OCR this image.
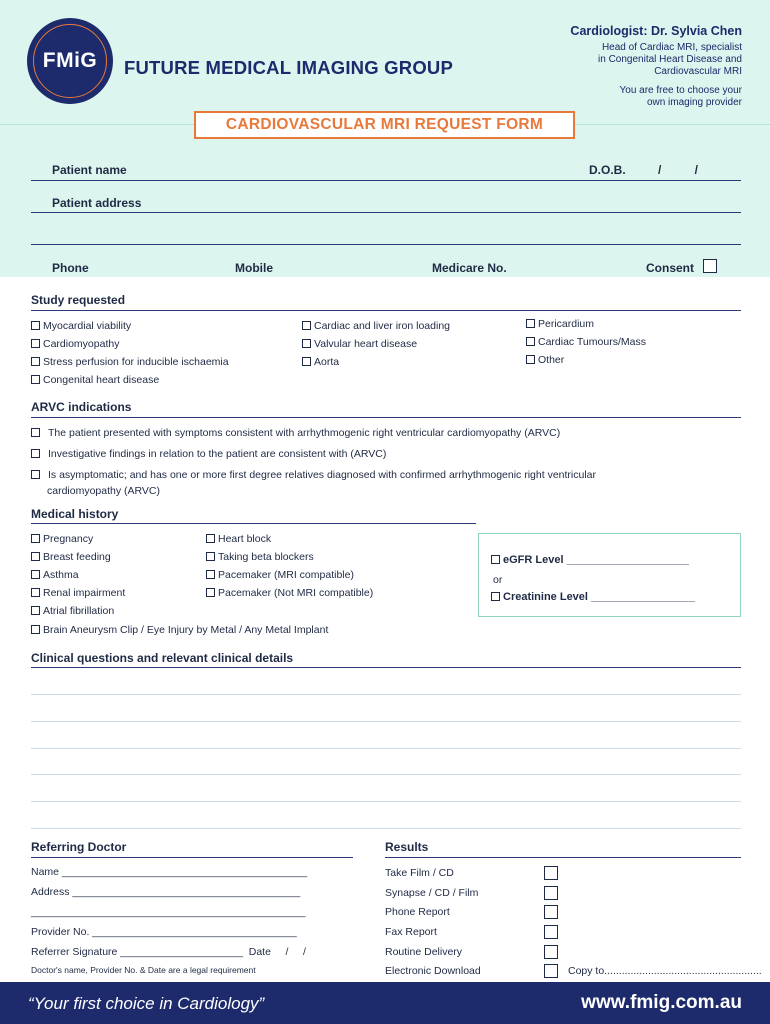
FMiG FUTURE MEDICAL IMAGING GROUP
Cardiologist: Dr. Sylvia Chen
Head of Cardiac MRI, specialist
in Congenital Heart Disease and
Cardiovascular MRI
You are free to choose your
own imaging provider
Patient name	D.O.B.	/          /
Patient address
Phone	Mobile	Medicare No.	Consent
CARDIOVASCULAR MRI REQUEST FORM
Study requested
Myocardial viability
Cardiomyopathy
Stress perfusion for inducible ischaemia
Congenital heart disease
Cardiac and liver iron loading
Valvular heart disease
Aorta
Pericardium
Cardiac Tumours/Mass
Other
ARVC indications
The patient presented with symptoms consistent with arrhythmogenic right ventricular cardiomyopathy (ARVC)
Investigative findings in relation to the patient are consistent with (ARVC)
Is asymptomatic; and has one or more first degree relatives diagnosed with confirmed arrhythmogenic right ventricular
cardiomyopathy (ARVC)
Medical history
Pregnancy
Breast feeding
Asthma
Renal impairment
Atrial fibrillation
Brain Aneurysm Clip / Eye Injury by Metal / Any Metal Implant
Heart block
Taking beta blockers
Pacemaker (MRI compatible)
Pacemaker (Not MRI compatible)
eGFR Level ____________________
or
Creatinine Level _________________
Clinical questions and relevant clinical details
Referring Doctor
Name __________________________________________
Address _______________________________________
_______________________________________________
Provider No. ___________________________________
Referrer Signature _____________________  Date     /     /
Doctor's name, Provider No. & Date are a legal requirement
Results
Take Film / CD
Synapse / CD / Film
Phone Report
Fax Report
Routine Delivery
Electronic Download	Copy to......................................................
“Your first choice in Cardiology”	www.fmig.com.au
